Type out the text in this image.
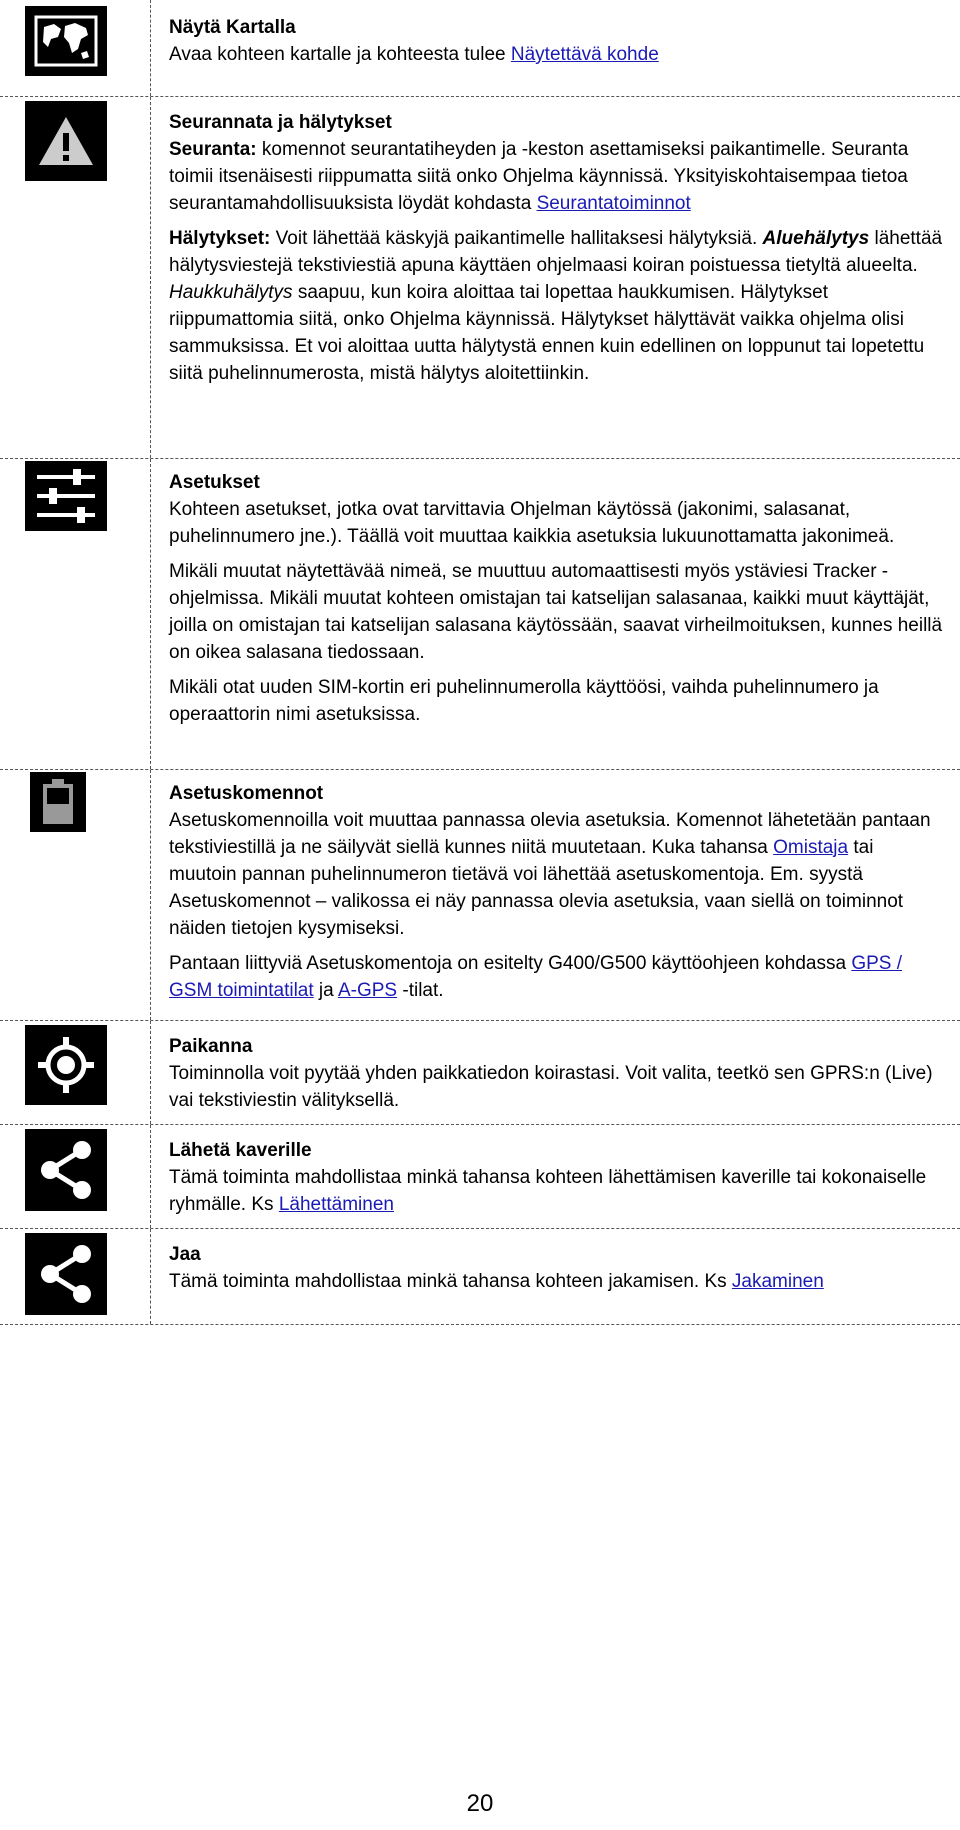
Näytä Kartalla

Avaa kohteen kartalle ja kohteesta tulee Näytettävä kohde

Seurannata ja hälytykset

Seuranta: komennot seurantatiheyden ja -keston asettamiseksi paikantimelle. Seuranta toimii itsenäisesti riippumatta siitä onko Ohjelma käynnissä. Yksityiskohtaisempaa tietoa seurantamahdollisuuksista löydät kohdasta Seurantatoiminnot

Hälytykset: Voit lähettää käskyjä paikantimelle hallitaksesi hälytyksiä. Aluehälytys lähettää hälytysviestejä tekstiviestiä apuna käyttäen ohjelmaasi koiran poistuessa tietyltä alueelta. Haukkuhälytys saapuu, kun koira aloittaa tai lopettaa haukkumisen. Hälytykset riippumattomia siitä, onko Ohjelma käynnissä. Hälytykset hälyttävät vaikka ohjelma olisi sammuksissa. Et voi aloittaa uutta hälytystä ennen kuin edellinen on loppunut tai lopetettu siitä puhelinnumerosta, mistä hälytys aloitettiinkin.

Asetukset

Kohteen asetukset, jotka ovat tarvittavia Ohjelman käytössä (jakonimi, salasanat, puhelinnumero jne.). Täällä voit muuttaa kaikkia asetuksia lukuunottamatta jakonimeä.

Mikäli muutat näytettävää nimeä, se muuttuu automaattisesti myös ystäviesi Tracker -ohjelmissa. Mikäli muutat kohteen omistajan tai katselijan salasanaa, kaikki muut käyttäjät, joilla on omistajan tai katselijan salasana käytössään, saavat virheilmoituksen, kunnes heillä on oikea salasana tiedossaan.

Mikäli otat uuden SIM-kortin eri puhelinnumerolla käyttöösi, vaihda puhelinnumero ja operaattorin nimi asetuksissa.

Asetuskomennot

Asetuskomennoilla voit muuttaa pannassa olevia asetuksia. Komennot lähetetään pantaan tekstiviestillä ja ne säilyvät siellä kunnes niitä muutetaan. Kuka tahansa Omistaja tai muutoin pannan puhelinnumeron tietävä voi lähettää asetuskomentoja. Em. syystä Asetuskomennot – valikossa ei näy pannassa olevia asetuksia, vaan siellä on toiminnot näiden tietojen kysymiseksi.

Pantaan liittyviä Asetuskomentoja on esitelty G400/G500 käyttöohjeen kohdassa GPS / GSM toimintatilat ja A-GPS -tilat.

Paikanna

Toiminnolla voit pyytää yhden paikkatiedon koirastasi. Voit valita, teetkö sen GPRS:n (Live) vai tekstiviestin välityksellä.

Lähetä kaverille

Tämä toiminta mahdollistaa minkä tahansa kohteen lähettämisen kaverille tai kokonaiselle ryhmälle. Ks Lähettäminen

Jaa

Tämä toiminta mahdollistaa minkä tahansa kohteen jakamisen. Ks Jakaminen

20
